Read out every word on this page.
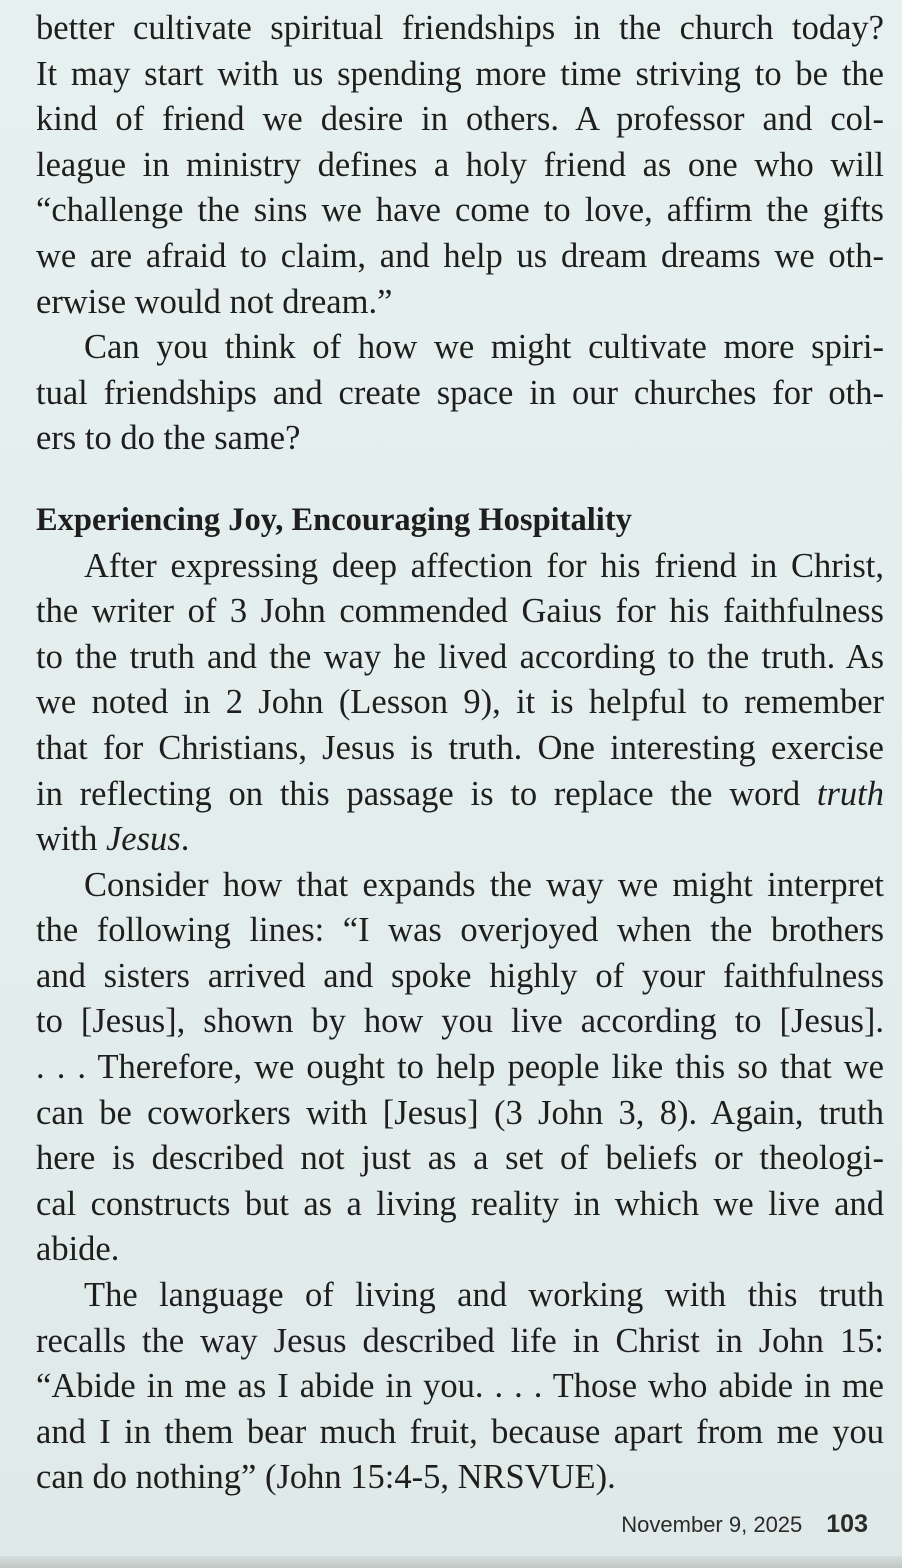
better cultivate spiritual friendships in the church today?
It may start with us spending more time striving to be the
kind of friend we desire in others. A professor and col-
league in ministry defines a holy friend as one who will
“challenge the sins we have come to love, affirm the gifts
we are afraid to claim, and help us dream dreams we oth-
erwise would not dream.”
Can you think of how we might cultivate more spiri-
tual friendships and create space in our churches for oth-
ers to do the same?
Experiencing Joy, Encouraging Hospitality
After expressing deep affection for his friend in Christ,
the writer of 3 John commended Gaius for his faithfulness
to the truth and the way he lived according to the truth. As
we noted in 2 John (Lesson 9), it is helpful to remember
that for Christians, Jesus is truth. One interesting exercise
in reflecting on this passage is to replace the word truth
with Jesus.
Consider how that expands the way we might interpret
the following lines: “I was overjoyed when the brothers
and sisters arrived and spoke highly of your faithfulness
to [Jesus], shown by how you live according to [Jesus].
. . . Therefore, we ought to help people like this so that we
can be coworkers with [Jesus] (3 John 3, 8). Again, truth
here is described not just as a set of beliefs or theologi-
cal constructs but as a living reality in which we live and
abide.
The language of living and working with this truth
recalls the way Jesus described life in Christ in John 15:
“Abide in me as I abide in you. . . . Those who abide in me
and I in them bear much fruit, because apart from me you
can do nothing” (John 15:4-5, NRSVUE).
November 9, 2025 103
